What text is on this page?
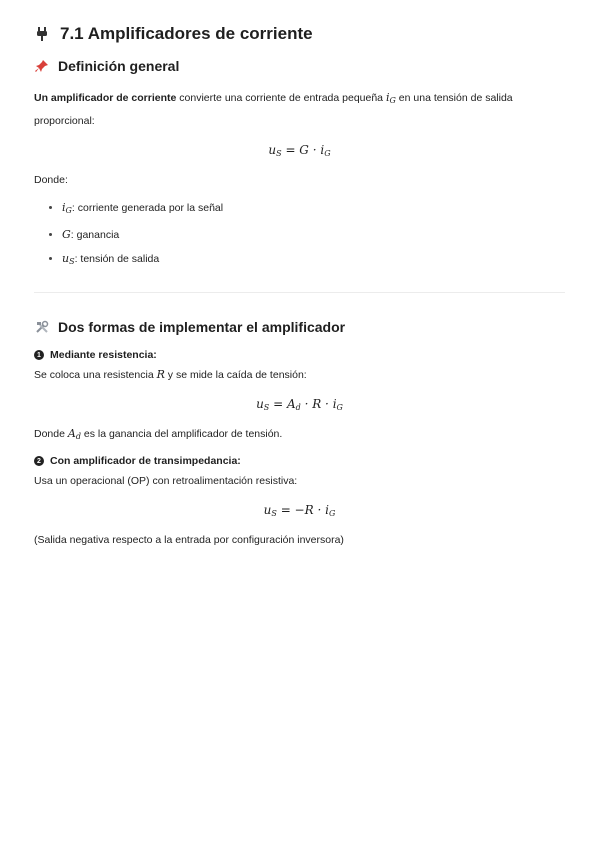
7.1 Amplificadores de corriente
Definición general

Un amplificador de corriente convierte una corriente de entrada pequeña $i_G$ en una tensión de salida proporcional:

$u_S = G \cdot i_G$

Donde:

• $i_G$: corriente generada por la señal
• G: ganancia
• $u_S$: tensión de salida
Dos formas de implementar el amplificador
1 Mediante resistencia:

Se coloca una resistencia R y se mide la caída de tensión:

$u_S = A_d \cdot R \cdot i_G$

Donde $A_d$ es la ganancia del amplificador de tensión.

2 Con amplificador de transimpedancia:

Usa un operacional (OP) con retroalimentación resistiva:

$u_S = -R \cdot i_G$

(Salida negativa respecto a la entrada por configuración inversora)
